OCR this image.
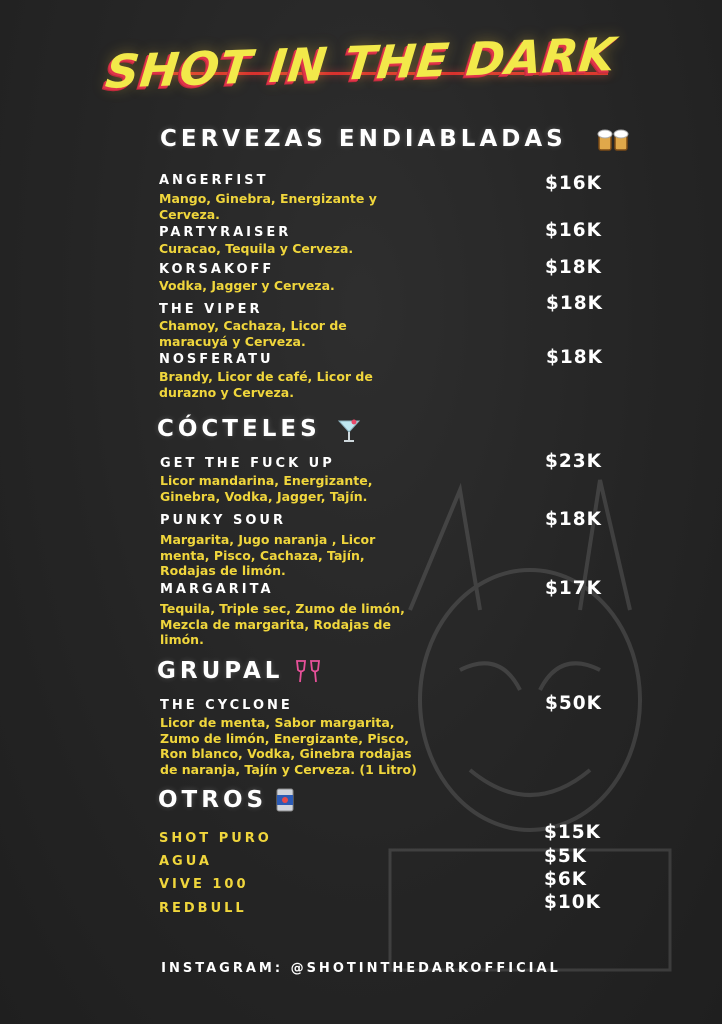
SHOT IN THE DARK
CERVEZAS ENDIABLADAS
ANGERFIST
Mango, Ginebra, Energizante y
Cerveza.
$16K
PARTYRAISER
Curacao, Tequila y Cerveza.
$16K
KORSAKOFF
Vodka, Jagger y Cerveza.
$18K
THE VIPER
Chamoy, Cachaza, Licor de
maracuyá y Cerveza.
$18K
NOSFERATU
Brandy, Licor de café, Licor de
durazno y Cerveza.
$18K
CÓCTELES
GET THE FUCK UP
Licor mandarina, Energizante,
Ginebra, Vodka, Jagger, Tajín.
$23K
PUNKY SOUR
Margarita, Jugo naranja , Licor
menta, Pisco, Cachaza, Tajín,
Rodajas de limón.
$18K
MARGARITA
Tequila, Triple sec, Zumo de limón,
Mezcla de margarita, Rodajas de
limón.
$17K
GRUPAL
THE CYCLONE
Licor de menta, Sabor margarita,
Zumo de limón, Energizante, Pisco,
Ron blanco, Vodka, Ginebra rodajas
de naranja, Tajín y Cerveza. (1 Litro)
$50K
OTROS
SHOT PURO	$15K
AGUA	$5K
VIVE 100	$6K
REDBULL	$10K
INSTAGRAM: @SHOTINTHEDARKOFFICIAL
